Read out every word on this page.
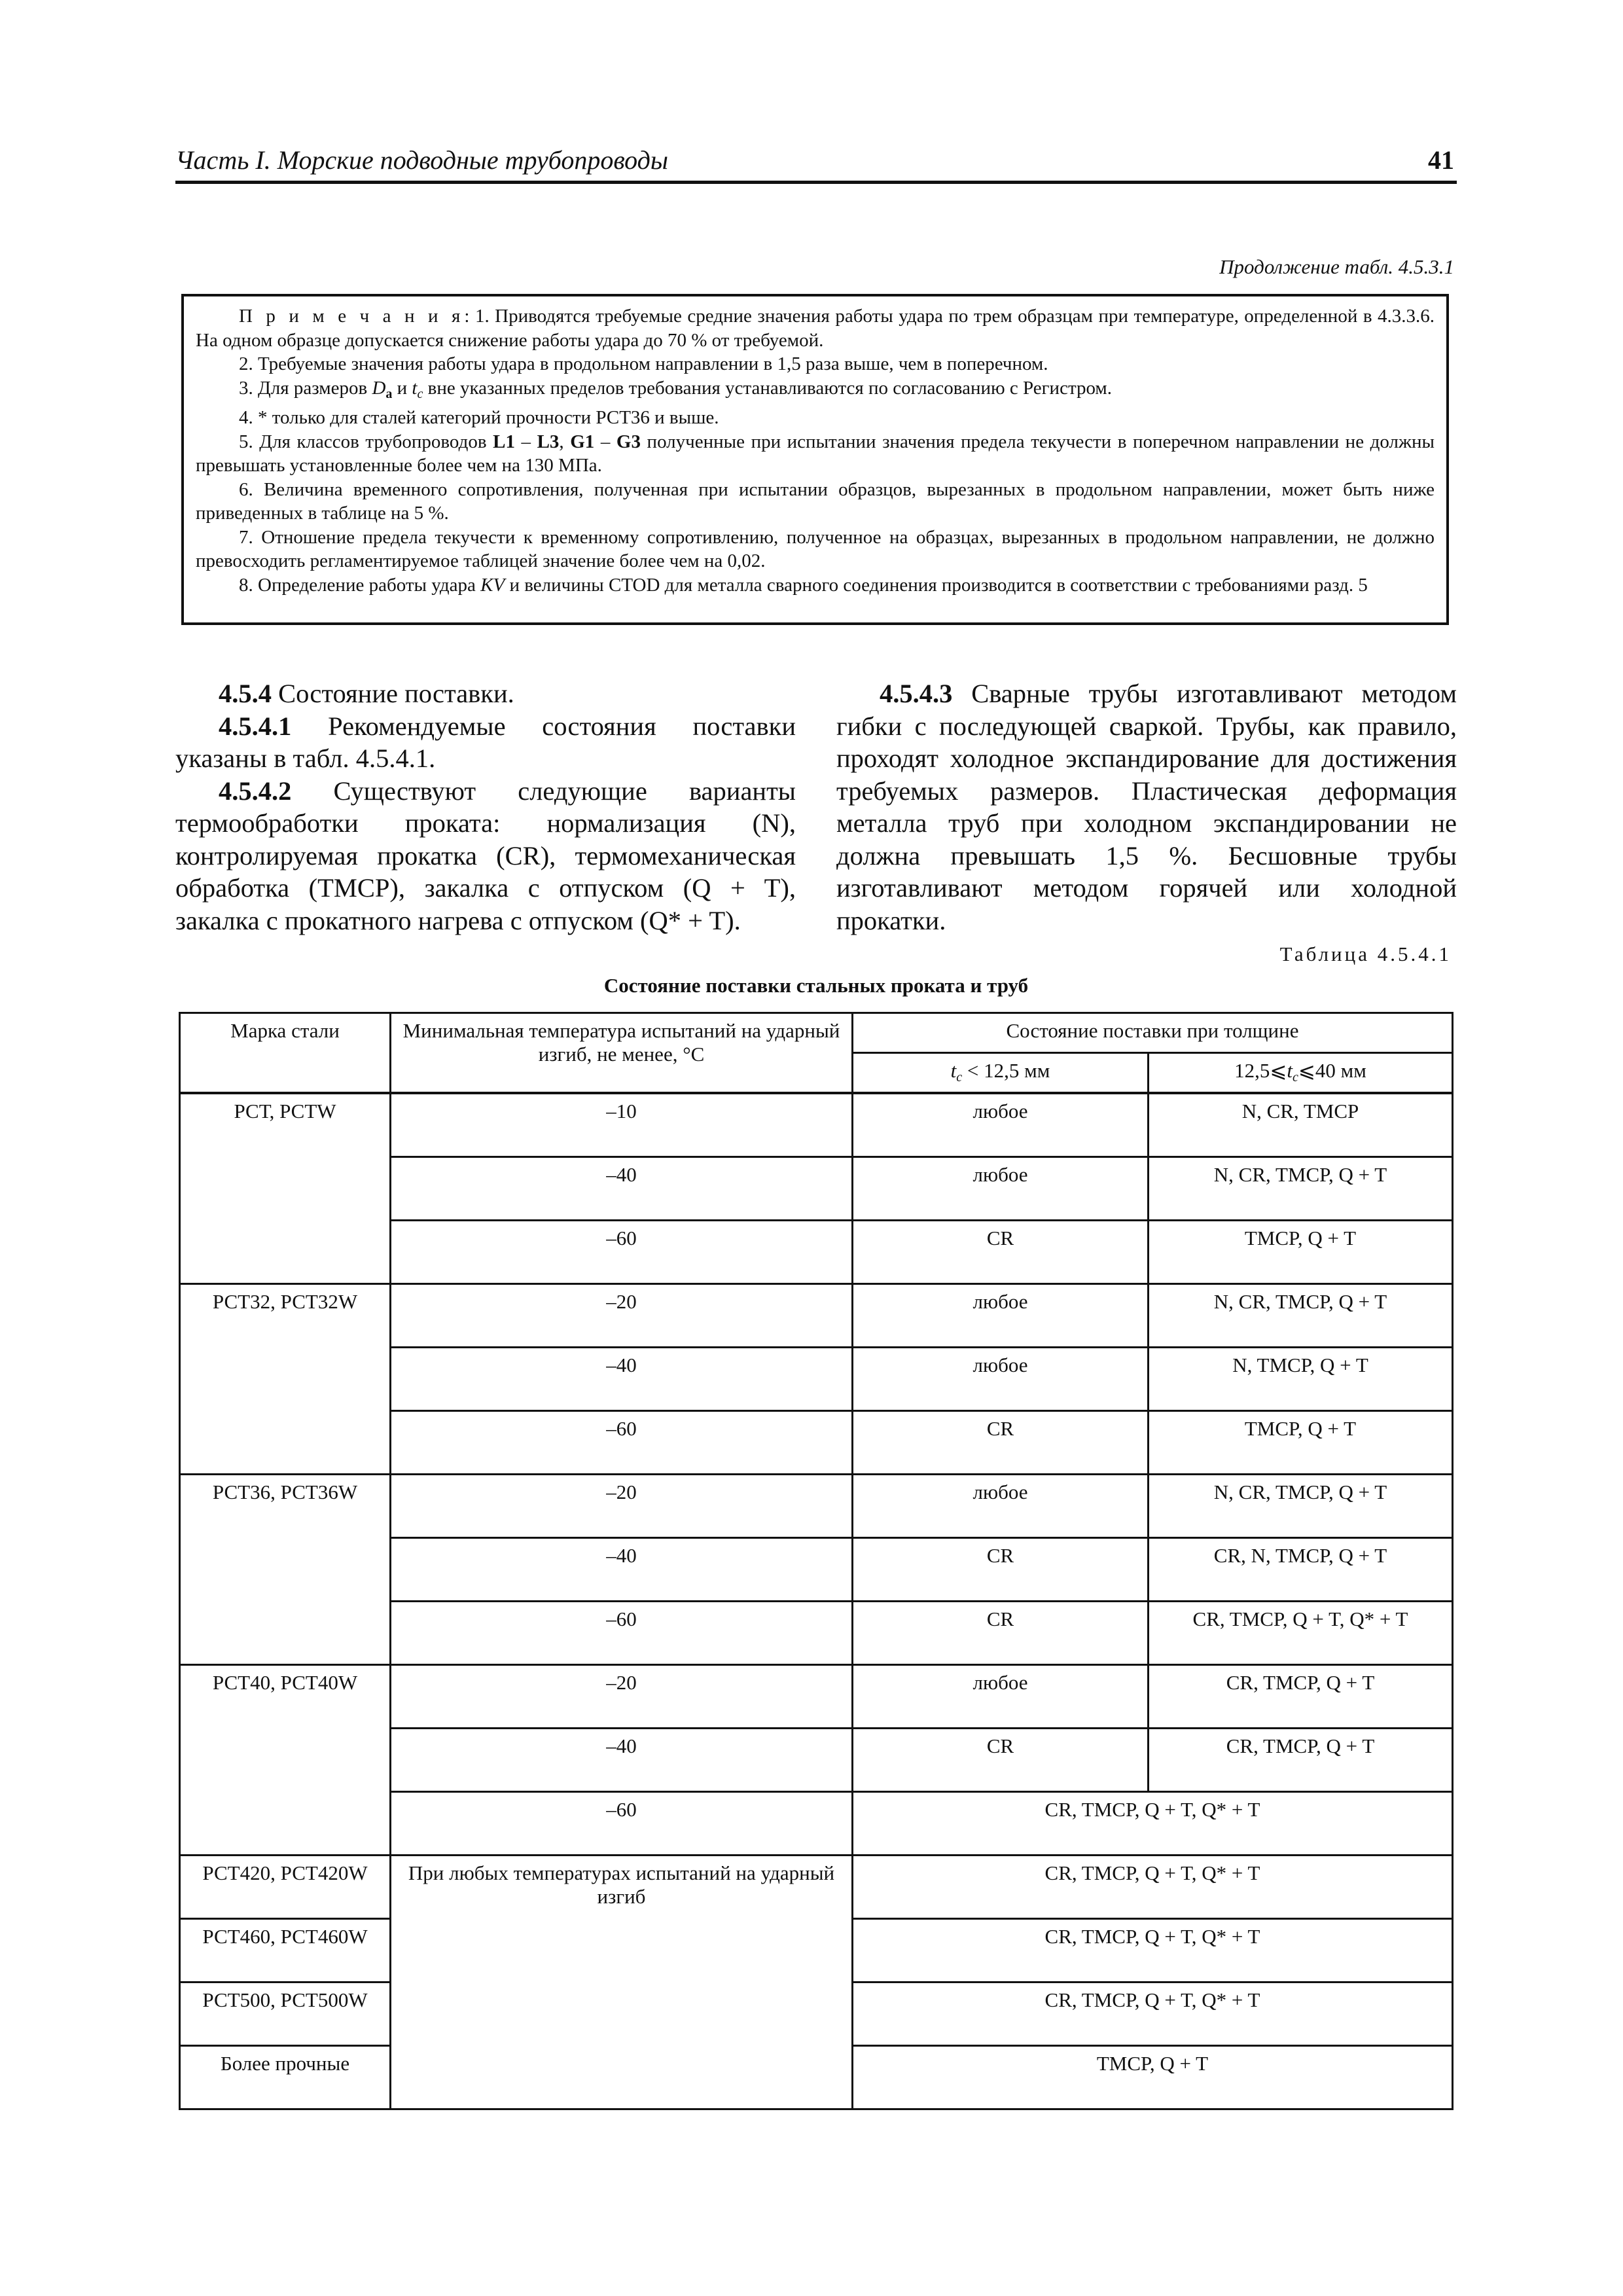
Часть I. Морские подводные трубопроводы	41
Продолжение табл. 4.5.3.1

П р и м е ч а н и я: 1. Приводятся требуемые средние значения работы удара по трем образцам при температуре, определенной в 4.3.3.6. На одном образце допускается снижение работы удара до 70 % от требуемой.

2. Требуемые значения работы удара в продольном направлении в 1,5 раза выше, чем в поперечном.

3. Для размеров $D_a$ и $t_c$ вне указанных пределов требования устанавливаются по согласованию с Регистром.

4. * только для сталей категорий прочности РСТ36 и выше.

5. Для классов трубопроводов L1 – L3, G1 – G3 полученные при испытании значения предела текучести в поперечном направлении не должны превышать установленные более чем на 130 МПа.

6. Величина временного сопротивления, полученная при испытании образцов, вырезанных в продольном направлении, может быть ниже приведенных в таблице на 5 %.

7. Отношение предела текучести к временному сопротивлению, полученное на образцах, вырезанных в продольном направлении, не должно превосходить регламентируемое таблицей значение более чем на 0,02.

8. Определение работы удара KV и величины CTOD для металла сварного соединения производится в соответствии с требованиями разд. 5

4.5.4 Состояние поставки.

4.5.4.1 Рекомендуемые состояния поставки указаны в табл. 4.5.4.1.

4.5.4.2 Существуют следующие варианты термообработки проката: нормализация (N), контролируемая прокатка (CR), термомеханическая обработка (TMCP), закалка с отпуском (Q + T), закалка с прокатного нагрева с отпуском (Q* + T).

4.5.4.3 Сварные трубы изготавливают методом гибки с последующей сваркой. Трубы, как правило, проходят холодное экспандирование для достижения требуемых размеров. Пластическая деформация металла труб при холодном экспандировании не должна превышать 1,5 %. Бесшовные трубы изготавливают методом горячей или холодной прокатки.

Таблица 4.5.4.1
Состояние поставки стальных проката и труб
Марка стали	Минимальная температура испытаний на ударный изгиб, не менее, °С	Состояние поставки при толщине	
		$t_c < 12,5$ мм	$12,5⩽t_c⩽40$ мм
РСТ, РСТW	–10	любое	N, CR, TMCP
	–40	любое	N, CR, TMCP, Q + T
	–60	CR	TMCP, Q + T
РСТ32, РСТ32W	–20	любое	N, CR, TMCP, Q + T
	–40	любое	N, TMCP, Q + T
	–60	CR	TMCP, Q + T
РСТ36, РСТ36W	–20	любое	N, CR, TMCP, Q + T
	–40	CR	CR, N, TMCP, Q + T
	–60	CR	CR, TMCP, Q + T, Q* + T
РСТ40, РСТ40W	–20	любое	CR, TMCP, Q + T
	–40	CR	CR, TMCP, Q + T
	–60	CR, TMCP, Q + T, Q* + T	
РСТ420, РСТ420W	При любых температурах испытаний на ударный изгиб	CR, TMCP, Q + T, Q* + T	
РСТ460, РСТ460W		CR, TMCP, Q + T, Q* + T	
РСТ500, РСТ500W		CR, TMCP, Q + T, Q* + T	
Более прочные		TMCP, Q + T	
